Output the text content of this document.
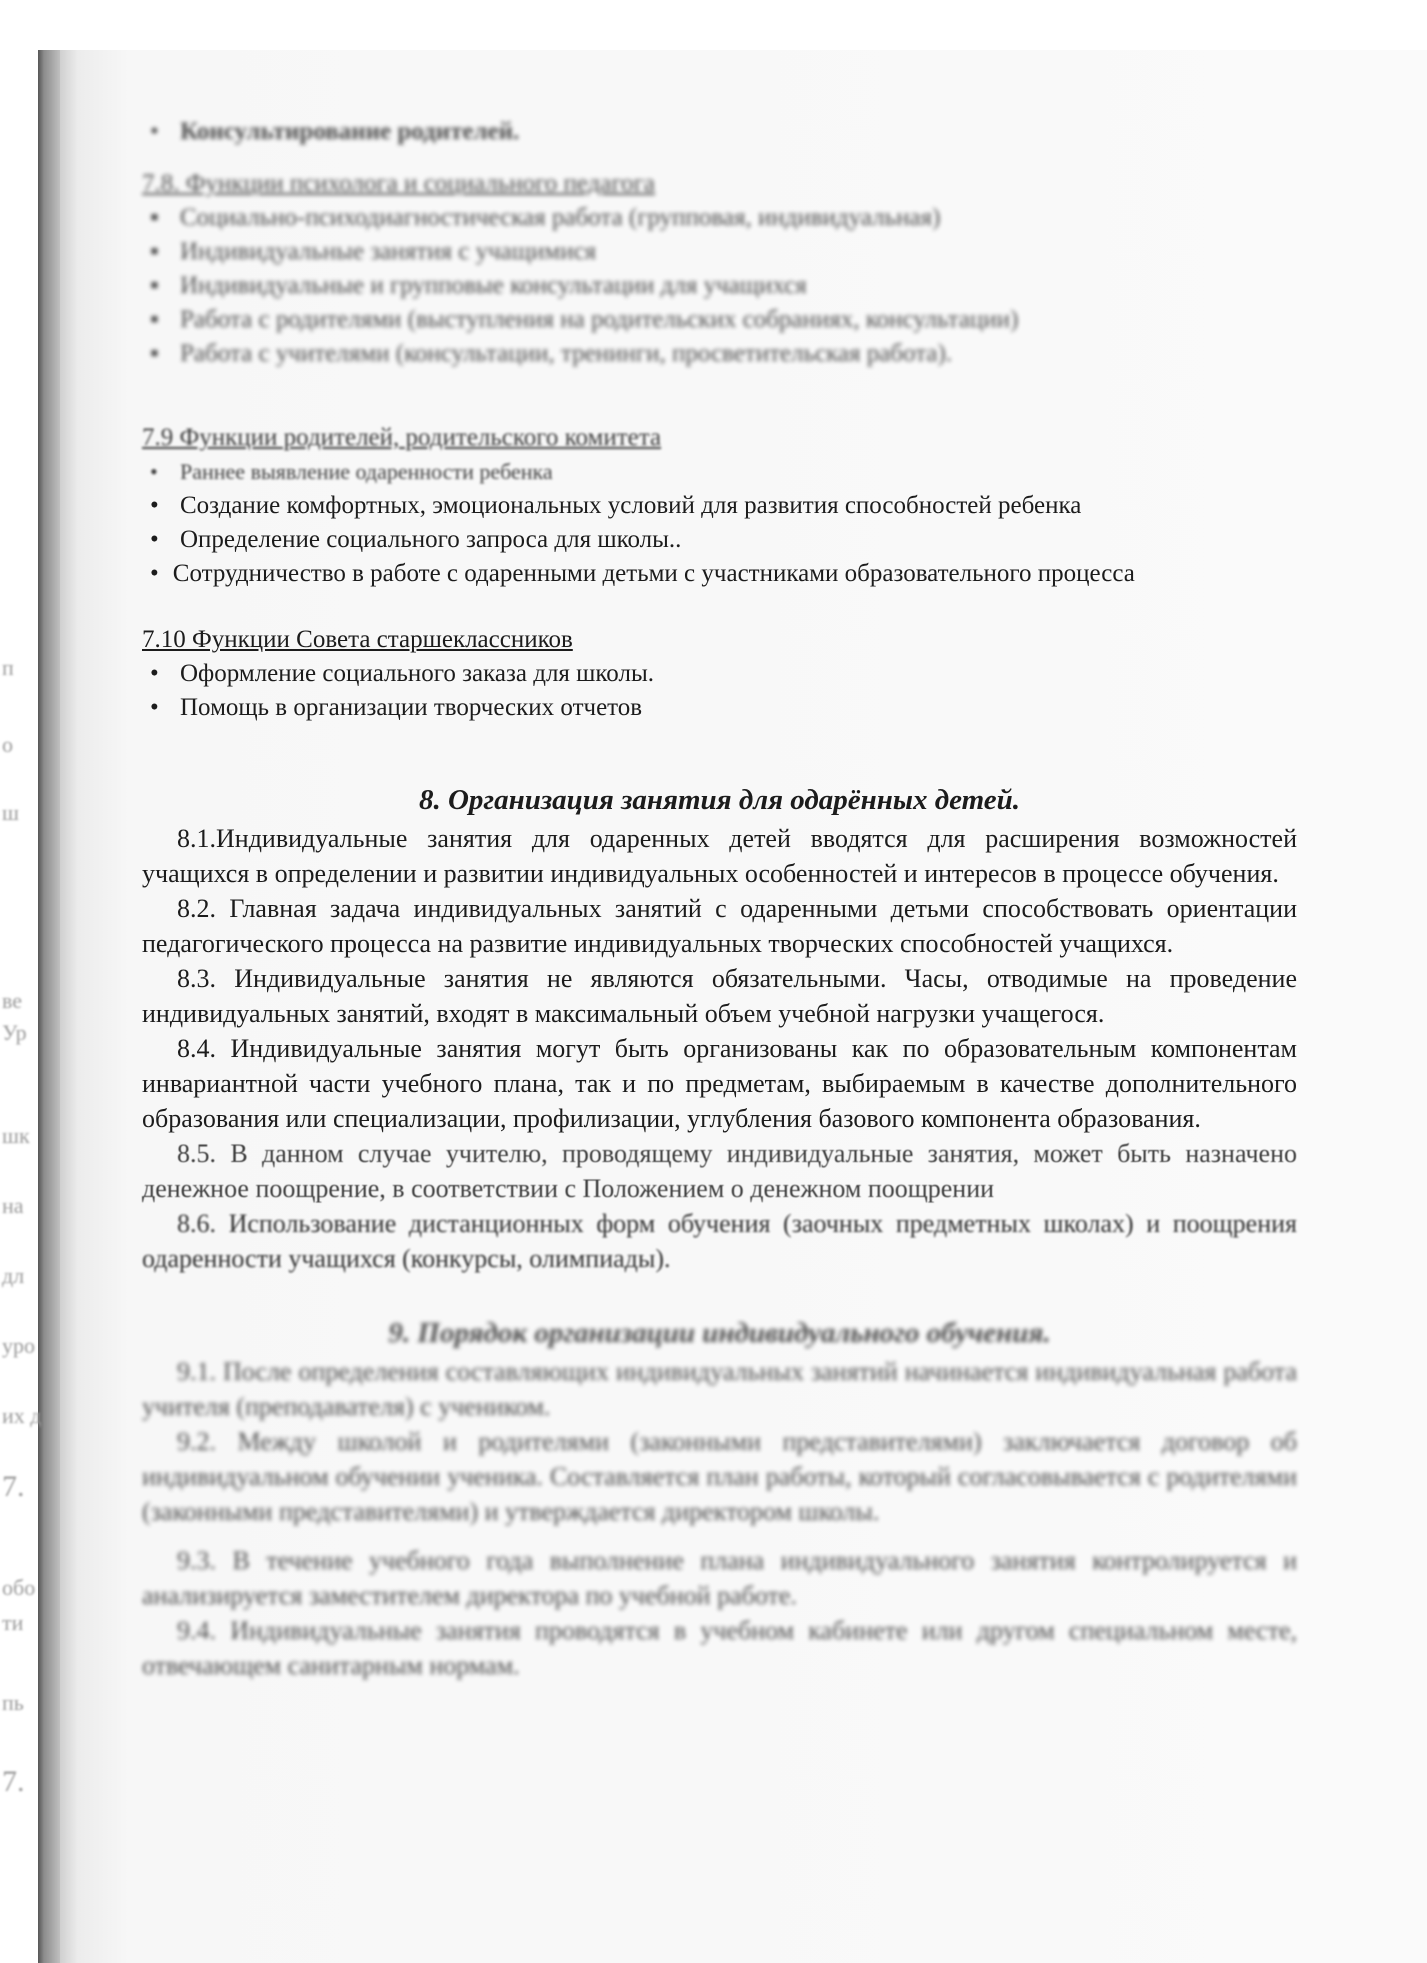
п
о
ш
ве
Ур
шк
на
дл
уро
их д
7.
обо
ти
пь
7.
• Консультирование родителей.
7.8. Функции психолога и социального педагога
▪ Социально-психодиагностическая работа (групповая, индивидуальная)
▪ Индивидуальные занятия с учащимися
▪ Индивидуальные и групповые консультации для учащихся
▪ Работа с родителями (выступления на родительских собраниях, консультации)
▪ Работа с учителями (консультации, тренинги, просветительская работа).
7.9 Функции родителей, родительского комитета
• Раннее выявление одаренности ребенка
• Создание комфортных, эмоциональных условий для развития способностей ребенка
• Определение социального запроса для школы..
• Сотрудничество в работе с одаренными детьми с участниками образовательного процесса
7.10 Функции Совета старшеклассников
• Оформление социального заказа для школы.
• Помощь в организации творческих отчетов
8. Организация занятия для одарённых детей.

8.1.Индивидуальные занятия для одаренных детей вводятся для расширения возможностей учащихся в определении и развитии индивидуальных особенностей и интересов в процессе обучения.

8.2. Главная задача индивидуальных занятий с одаренными детьми способствовать ориентации педагогического процесса на развитие индивидуальных творческих способностей учащихся.

8.3. Индивидуальные занятия не являются обязательными. Часы, отводимые на проведение индивидуальных занятий, входят в максимальный объем учебной нагрузки учащегося.

8.4. Индивидуальные занятия могут быть организованы как по образовательным компонентам инвариантной части учебного плана, так и по предметам, выбираемым в качестве дополнительного образования или специализации, профилизации, углубления базового компонента образования.

8.5. В данном случае учителю, проводящему индивидуальные занятия, может быть назначено денежное поощрение, в соответствии с Положением о денежном поощрении

8.6. Использование дистанционных форм обучения (заочных предметных школах) и поощрения одаренности учащихся (конкурсы, олимпиады).

9. Порядок организации индивидуального обучения.

9.1. После определения составляющих индивидуальных занятий начинается индивидуальная работа учителя (преподавателя) с учеником.

9.2. Между школой и родителями (законными представителями) заключается договор об индивидуальном обучении ученика. Составляется план работы, который согласовывается с родителями (законными представителями) и утверждается директором школы.

9.3. В течение учебного года выполнение плана индивидуального занятия контролируется и анализируется заместителем директора по учебной работе.

9.4. Индивидуальные занятия проводятся в учебном кабинете или другом специальном месте, отвечающем санитарным нормам.
